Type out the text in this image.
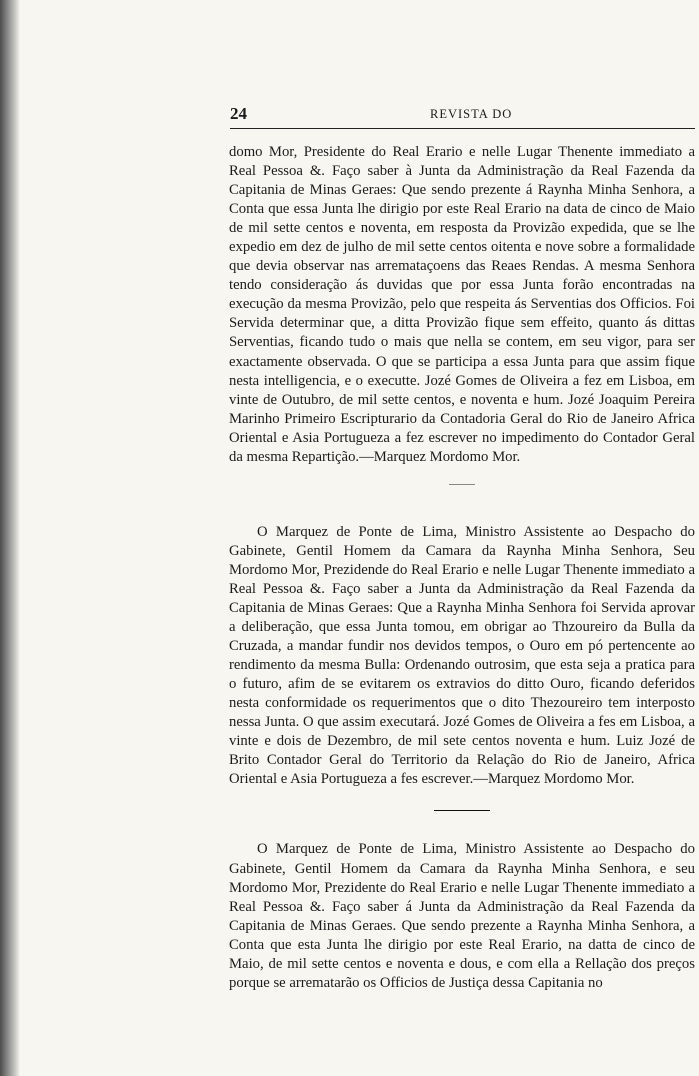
24	REVISTA DO

domo Mor, Presidente do Real Erario e nelle Lugar Thenente immediato a Real Pessoa &. Faço saber à Junta da Administração da Real Fazenda da Capitania de Minas Geraes: Que sendo prezente á Raynha Minha Senhora, a Conta que essa Junta lhe dirigio por este Real Erario na data de cinco de Maio de mil sette centos e noventa, em resposta da Provizão expedida, que se lhe expedio em dez de julho de mil sette centos oitenta e nove sobre a formalidade que devia observar nas arremataçoens das Reaes Rendas. A mesma Senhora tendo consideração ás duvidas que por essa Junta forão encontradas na execução da mesma Provizão, pelo que respeita ás Serventias dos Officios. Foi Servida determinar que, a ditta Provizão fique sem effeito, quanto ás dittas Serventias, ficando tudo o mais que nella se contem, em seu vigor, para ser exactamente observada. O que se participa a essa Junta para que assim fique nesta intelligencia, e o executte. Jozé Gomes de Oliveira a fez em Lisboa, em vinte de Outubro, de mil sette centos, e noventa e hum. Jozé Joaquim Pereira Marinho Primeiro Escripturario da Contadoria Geral do Rio de Janeiro Africa Oriental e Asia Portugueza a fez escrever no impedimento do Contador Geral da mesma Repartição.—Marquez Mordomo Mor.

O Marquez de Ponte de Lima, Ministro Assistente ao Despacho do Gabinete, Gentil Homem da Camara da Raynha Minha Senhora, Seu Mordomo Mor, Prezidende do Real Erario e nelle Lugar Thenente immediato a Real Pessoa &. Faço saber a Junta da Administração da Real Fazenda da Capitania de Minas Geraes: Que a Raynha Minha Senhora foi Servida aprovar a deliberação, que essa Junta tomou, em obrigar ao Thzoureiro da Bulla da Cruzada, a mandar fundir nos devidos tempos, o Ouro em pó pertencente ao rendimento da mesma Bulla: Ordenando outrosim, que esta seja a pratica para o futuro, afim de se evitarem os extravios do ditto Ouro, ficando deferidos nesta conformidade os requerimentos que o dito Thezoureiro tem interposto nessa Junta. O que assim executará. Jozé Gomes de Oliveira a fes em Lisboa, a vinte e dois de Dezembro, de mil sete centos noventa e hum. Luiz Jozé de Brito Contador Geral do Territorio da Relação do Rio de Janeiro, Africa Oriental e Asia Portugueza a fes escrever.—Marquez Mordomo Mor.

O Marquez de Ponte de Lima, Ministro Assistente ao Despacho do Gabinete, Gentil Homem da Camara da Raynha Minha Senhora, e seu Mordomo Mor, Prezidente do Real Erario e nelle Lugar Thenente immediato a Real Pessoa &. Faço saber á Junta da Administração da Real Fazenda da Capitania de Minas Geraes. Que sendo prezente a Raynha Minha Senhora, a Conta que esta Junta lhe dirigio por este Real Erario, na datta de cinco de Maio, de mil sette centos e noventa e dous, e com ella a Rellação dos preços porque se arrematarão os Officios de Justiça dessa Capitania no
